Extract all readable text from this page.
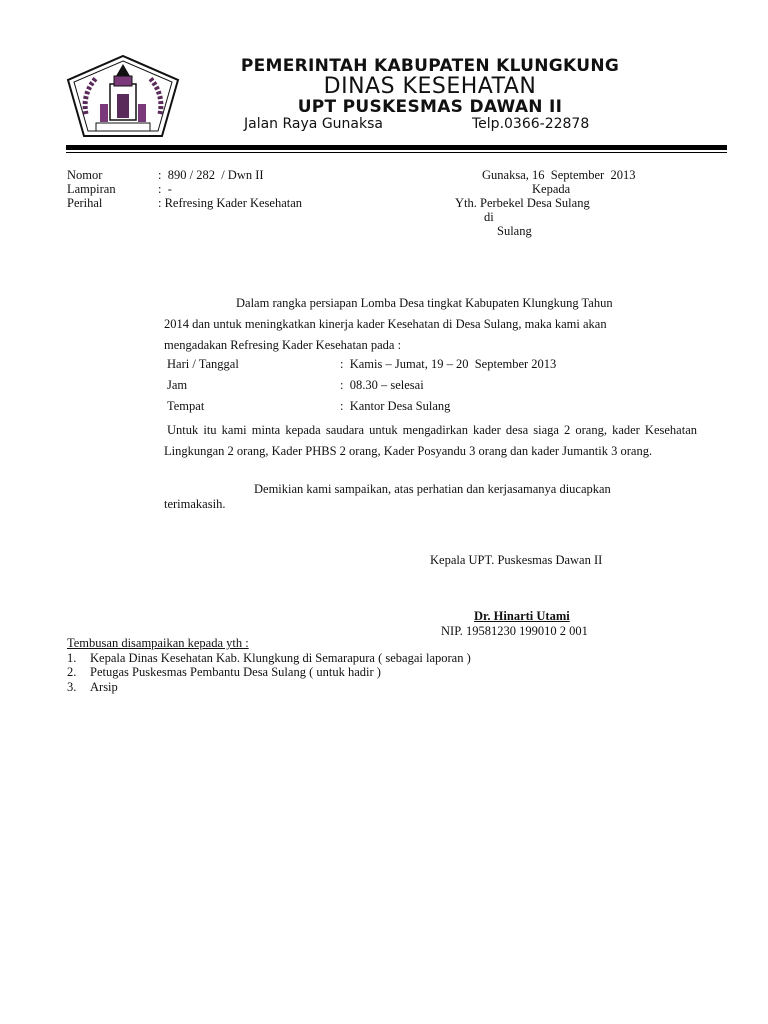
PEMERINTAH KABUPATEN KLUNGKUNG
DINAS KESEHATAN
UPT PUSKESMAS DAWAN II
Jalan Raya Gunaksa	Telp.0366-22878
Nomor	:  890 / 282  / Dwn II
Lampiran	:  -
Perihal	: Refresing Kader Kesehatan
Gunaksa, 16  September  2013
Kepada
Yth. Perbekel Desa Sulang
di
Sulang
Dalam rangka persiapan Lomba Desa tingkat Kabupaten Klungkung Tahun
2014 dan untuk meningkatkan kinerja kader Kesehatan di Desa Sulang, maka kami akan
mengadakan Refresing Kader Kesehatan pada :
Hari / Tanggal	:  Kamis – Jumat, 19 – 20  September 2013
Jam	:  08.30 – selesai
Tempat	:  Kantor Desa Sulang
Untuk itu kami minta kepada saudara untuk mengadirkan kader desa siaga 2 orang, kader Kesehatan Lingkungan 2 orang, Kader PHBS 2 orang, Kader Posyandu 3 orang dan kader Jumantik 3 orang.
Demikian kami sampaikan, atas perhatian dan kerjasamanya diucapkan
terimakasih.
Kepala UPT. Puskesmas Dawan II
Dr. Hinarti Utami
NIP. 19581230 199010 2 001
Tembusan disampaikan kepada yth :
1. Kepala Dinas Kesehatan Kab. Klungkung di Semarapura ( sebagai laporan )
2. Petugas Puskesmas Pembantu Desa Sulang ( untuk hadir )
3. Arsip
